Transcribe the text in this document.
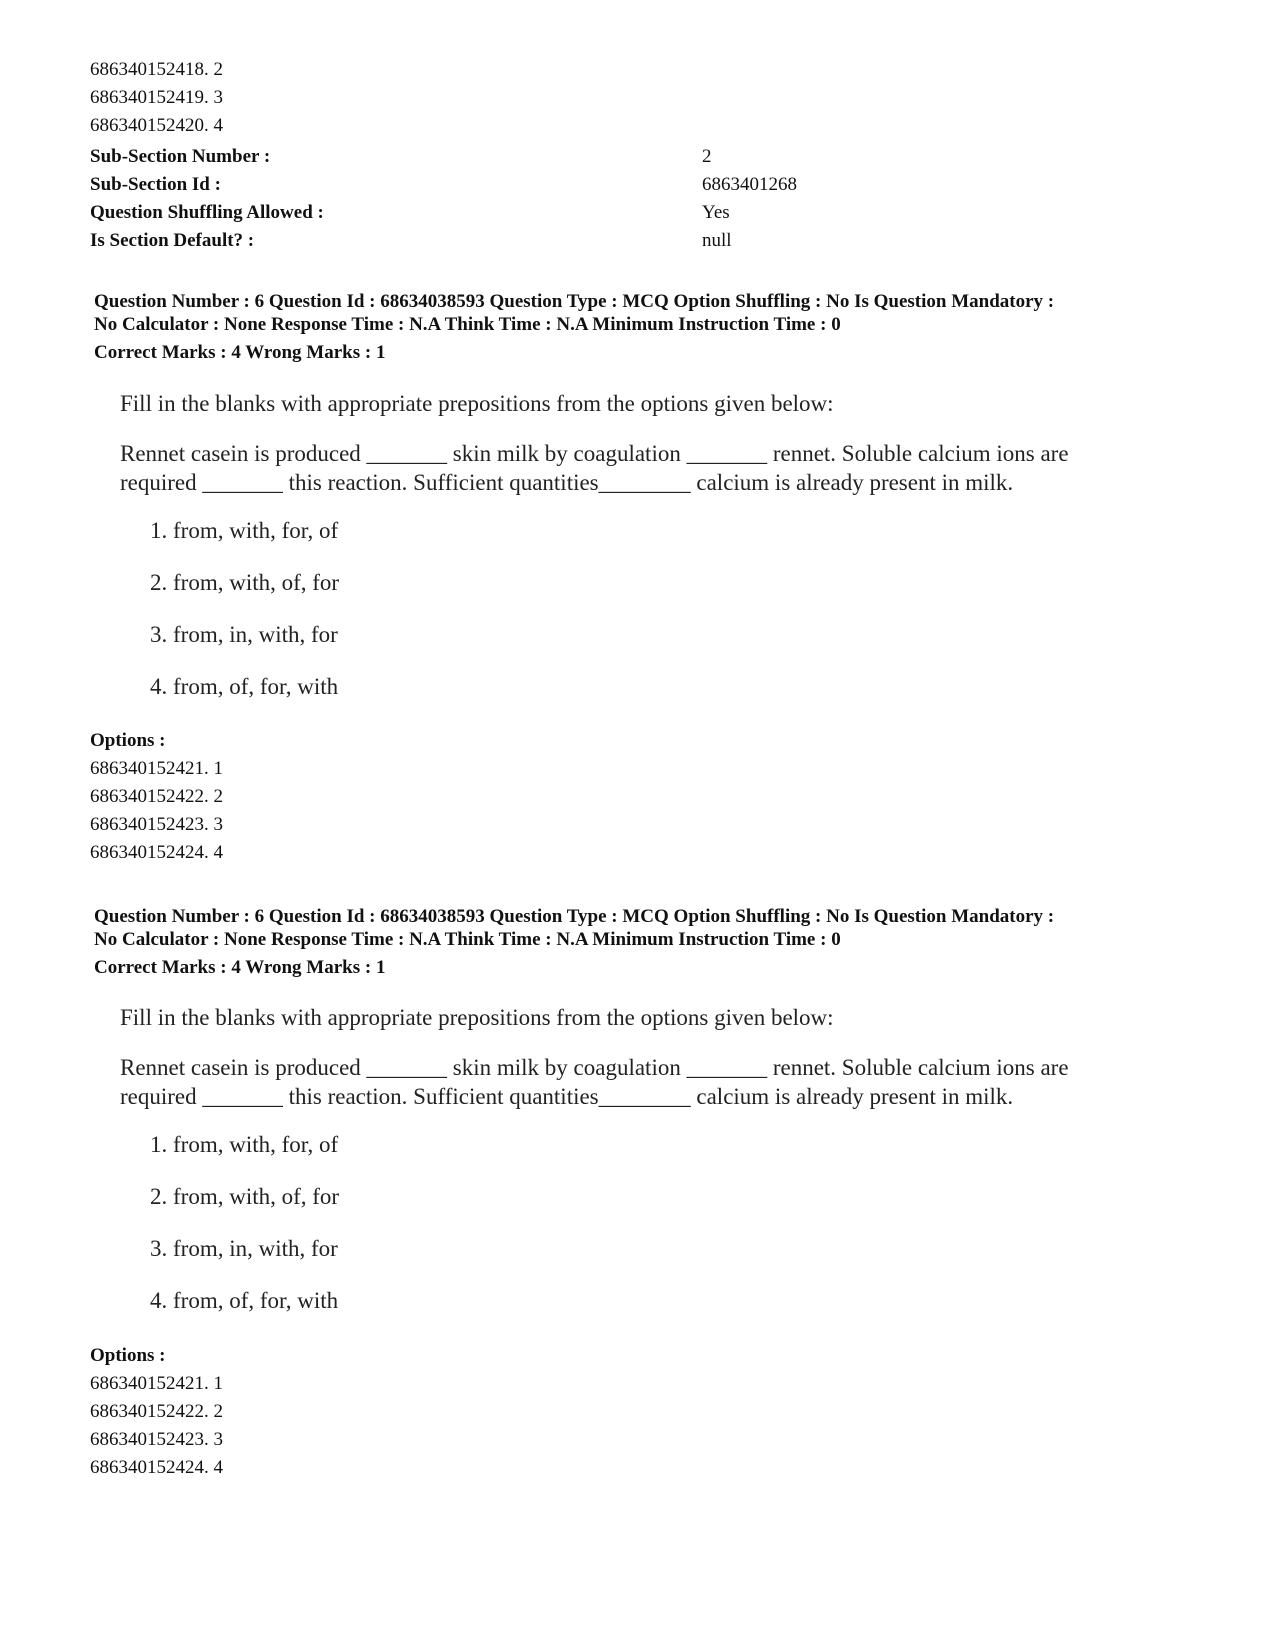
686340152418. 2
686340152419. 3
686340152420. 4
Sub-Section Number :	2
Sub-Section Id :	6863401268
Question Shuffling Allowed :	Yes
Is Section Default? :	null
Question Number : 6 Question Id : 68634038593 Question Type : MCQ Option Shuffling : No Is Question Mandatory :
No Calculator : None Response Time : N.A Think Time : N.A Minimum Instruction Time : 0
Correct Marks : 4 Wrong Marks : 1
Fill in the blanks with appropriate prepositions from the options given below:
Rennet casein is produced _______ skin milk by coagulation _______ rennet. Soluble calcium ions are
required _______ this reaction. Sufficient quantities________ calcium is already present in milk.
1. from, with, for, of
2. from, with, of, for
3. from, in, with, for
4. from, of, for, with
Options :
686340152421. 1
686340152422. 2
686340152423. 3
686340152424. 4
Question Number : 6 Question Id : 68634038593 Question Type : MCQ Option Shuffling : No Is Question Mandatory :
No Calculator : None Response Time : N.A Think Time : N.A Minimum Instruction Time : 0
Correct Marks : 4 Wrong Marks : 1
Fill in the blanks with appropriate prepositions from the options given below:
Rennet casein is produced _______ skin milk by coagulation _______ rennet. Soluble calcium ions are
required _______ this reaction. Sufficient quantities________ calcium is already present in milk.
1. from, with, for, of
2. from, with, of, for
3. from, in, with, for
4. from, of, for, with
Options :
686340152421. 1
686340152422. 2
686340152423. 3
686340152424. 4
